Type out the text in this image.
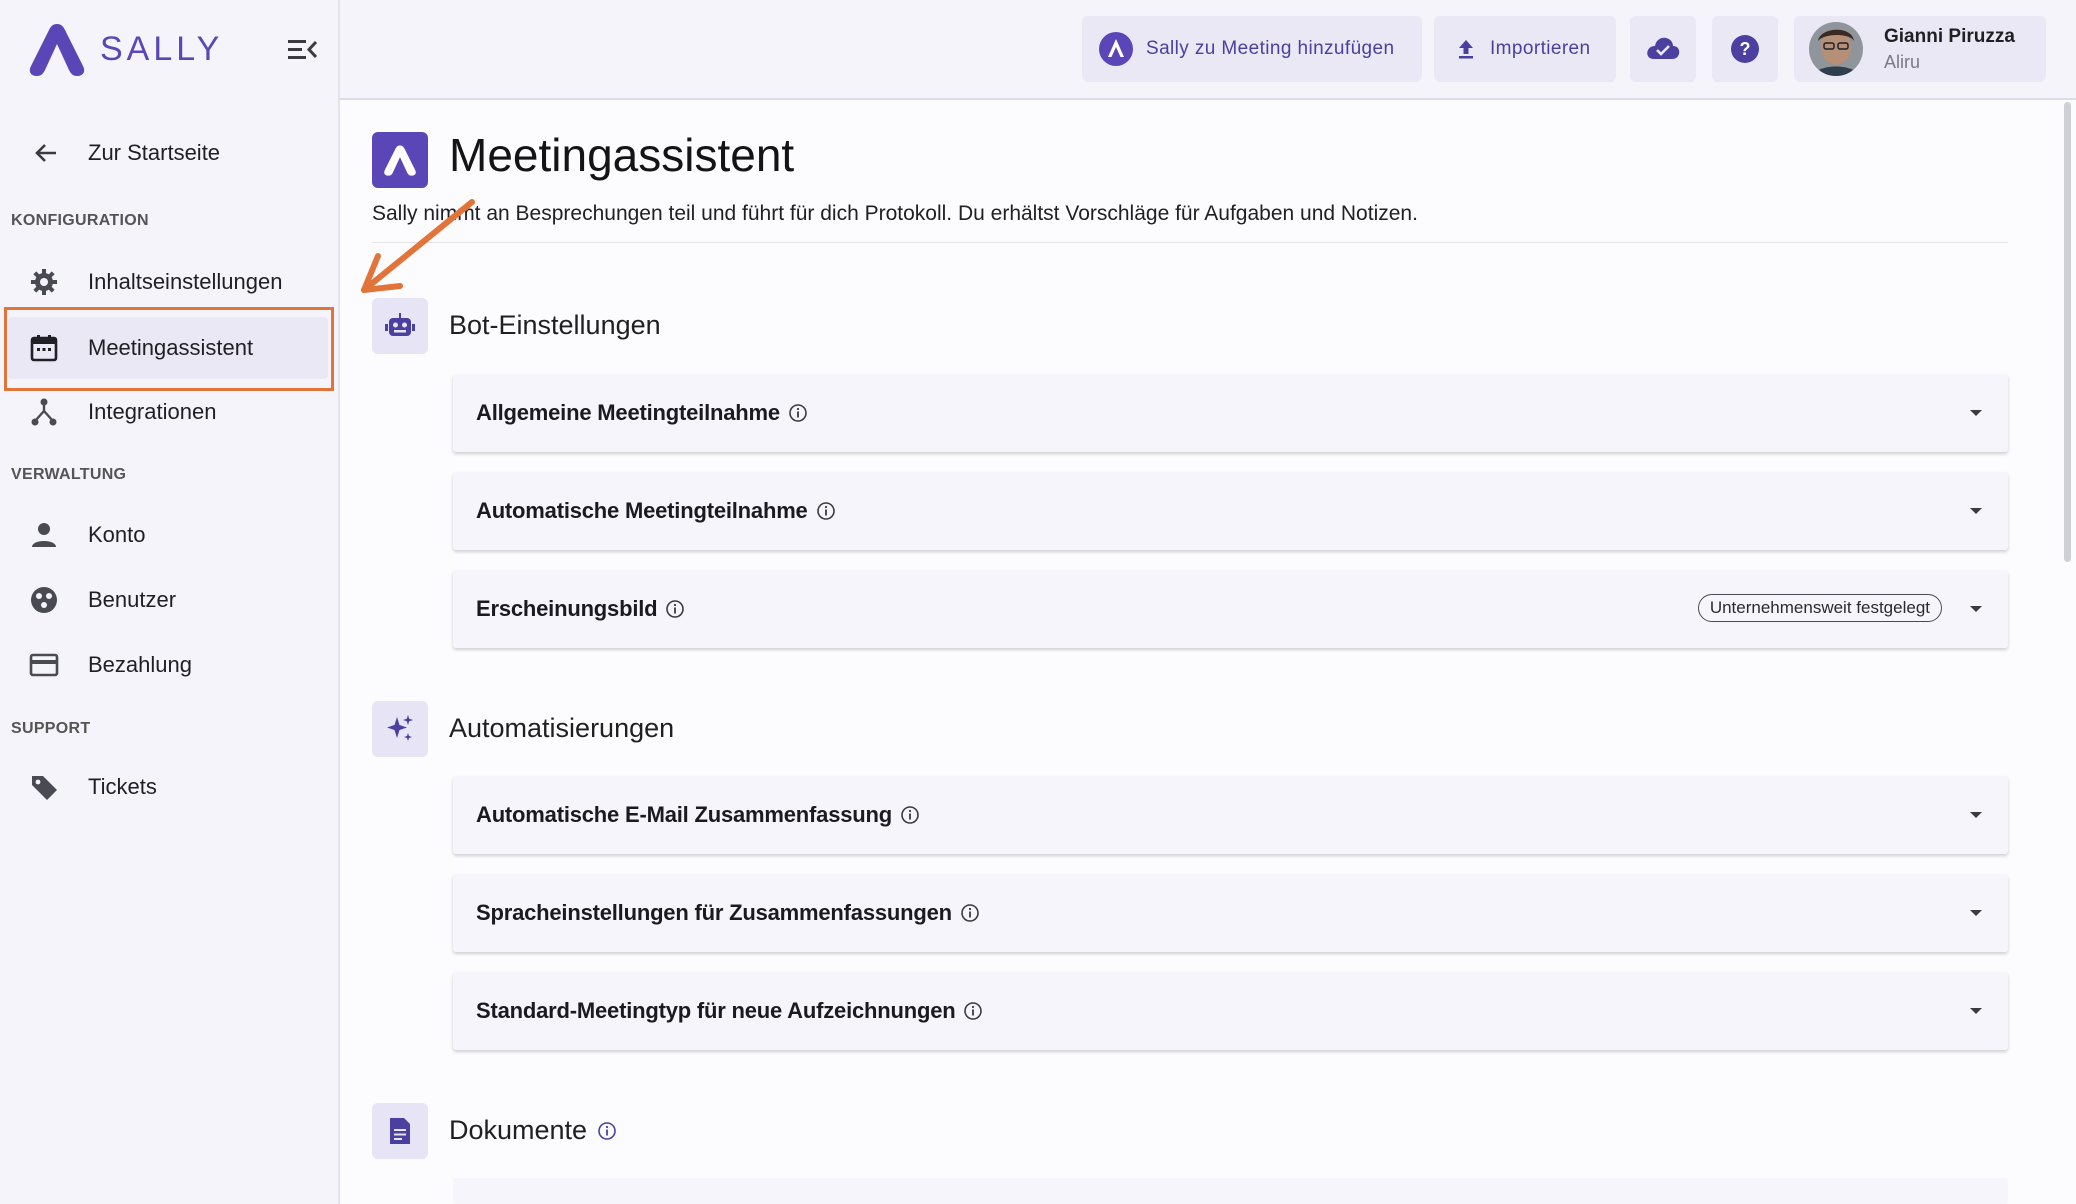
SALLY
Zur Startseite
KONFIGURATION
Inhaltseinstellungen
Meetingassistent
Integrationen
VERWALTUNG
Konto
Benutzer
Bezahlung
SUPPORT
Tickets
Sally zu Meeting hinzufügen	Importieren	?
Gianni Piruzza
Aliru
Meetingassistent
Sally nimmt an Besprechungen teil und führt für dich Protokoll. Du erhältst Vorschläge für Aufgaben und Notizen.
Bot-Einstellungen
Allgemeine Meetingteilnahme
Automatische Meetingteilnahme
Erscheinungsbild	Unternehmensweit festgelegt
Automatisierungen
Automatische E-Mail Zusammenfassung
Spracheinstellungen für Zusammenfassungen
Standard-Meetingtyp für neue Aufzeichnungen
Dokumente
